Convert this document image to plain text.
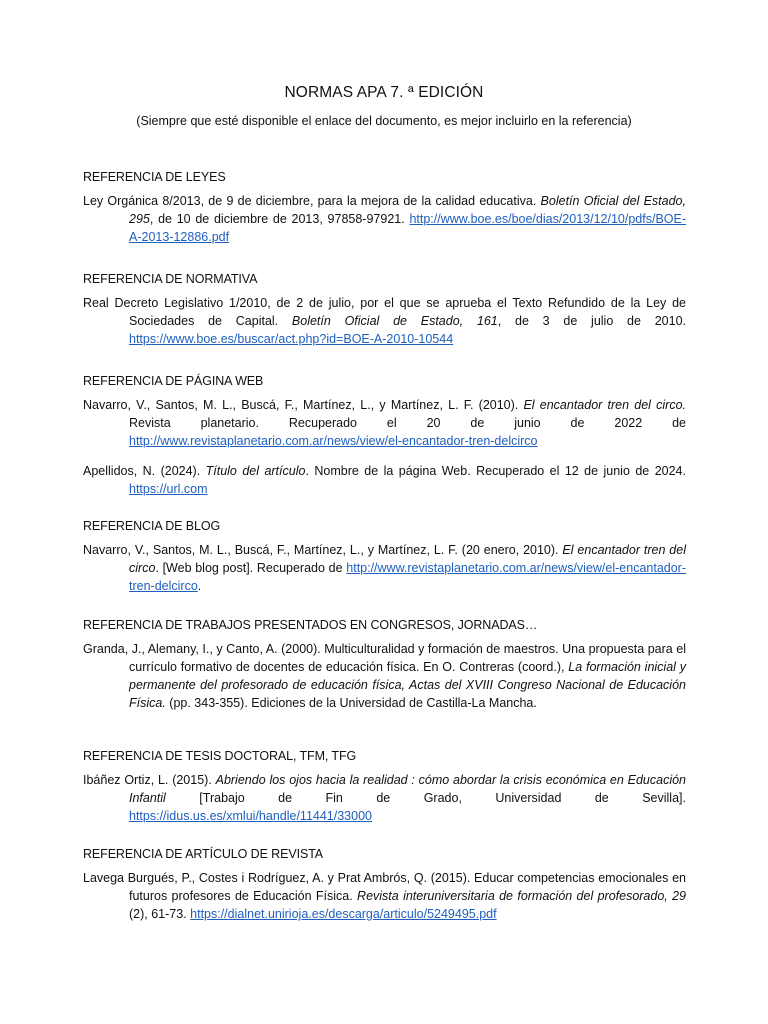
NORMAS APA 7. ª EDICIÓN
(Siempre que esté disponible el enlace del documento, es mejor incluirlo en la referencia)
REFERENCIA DE LEYES

Ley Orgánica 8/2013, de 9 de diciembre, para la mejora de la calidad educativa. Boletín Oficial del Estado, 295, de 10 de diciembre de 2013, 97858-97921. http://www.boe.es/boe/dias/2013/12/10/pdfs/BOE-A-2013-12886.pdf

REFERENCIA DE NORMATIVA

Real Decreto Legislativo 1/2010, de 2 de julio, por el que se aprueba el Texto Refundido de la Ley de Sociedades de Capital. Boletín Oficial de Estado, 161, de 3 de julio de 2010. https://www.boe.es/buscar/act.php?id=BOE-A-2010-10544

REFERENCIA DE PÁGINA WEB

Navarro, V., Santos, M. L., Buscá, F., Martínez, L., y Martínez, L. F. (2010). El encantador tren del circo. Revista planetario. Recuperado el 20 de junio de 2022 de http://www.revistaplanetario.com.ar/news/view/el-encantador-tren-delcirco

Apellidos, N. (2024). Título del artículo. Nombre de la página Web. Recuperado el 12 de junio de 2024. https://url.com

REFERENCIA DE BLOG

Navarro, V., Santos, M. L., Buscá, F., Martínez, L., y Martínez, L. F. (20 enero, 2010). El encantador tren del circo. [Web blog post]. Recuperado de http://www.revistaplanetario.com.ar/news/view/el-encantador-tren-delcirco.

REFERENCIA DE TRABAJOS PRESENTADOS EN CONGRESOS, JORNADAS…

Granda, J., Alemany, I., y Canto, A. (2000). Multiculturalidad y formación de maestros. Una propuesta para el currículo formativo de docentes de educación física. En O. Contreras (coord.), La formación inicial y permanente del profesorado de educación física, Actas del XVIII Congreso Nacional de Educación Física. (pp. 343-355). Ediciones de la Universidad de Castilla-La Mancha.

REFERENCIA DE TESIS DOCTORAL, TFM, TFG

Ibáñez Ortiz, L. (2015). Abriendo los ojos hacia la realidad : cómo abordar la crisis económica en Educación Infantil [Trabajo de Fin de Grado, Universidad de Sevilla]. https://idus.us.es/xmlui/handle/11441/33000

REFERENCIA DE ARTÍCULO DE REVISTA

Lavega Burgués, P., Costes i Rodríguez, A. y Prat Ambrós, Q. (2015). Educar competencias emocionales en futuros profesores de Educación Física. Revista interuniversitaria de formación del profesorado, 29 (2), 61-73. https://dialnet.unirioja.es/descarga/articulo/5249495.pdf
